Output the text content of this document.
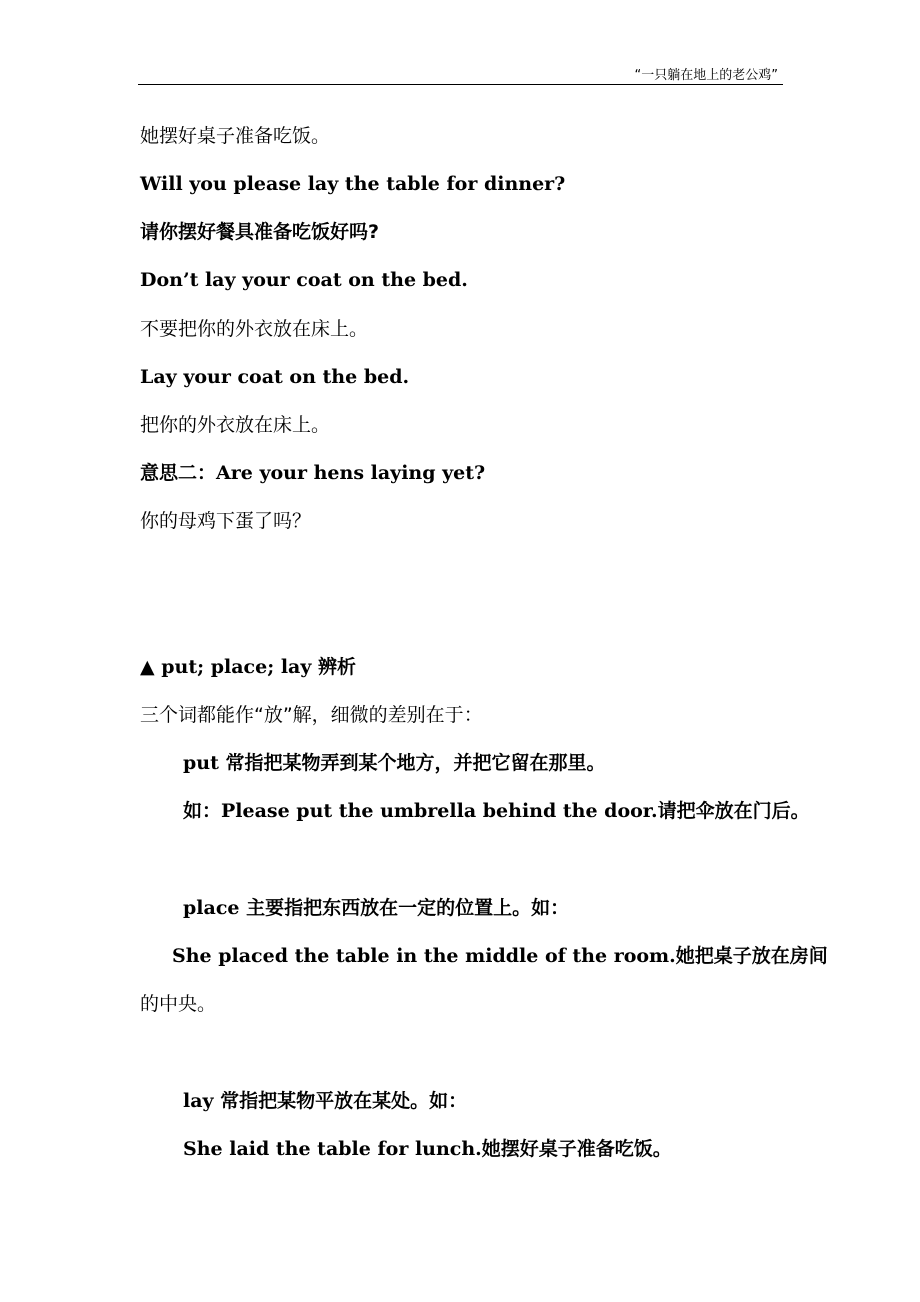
“一只躺在地上的老公鸡”
她摆好桌子准备吃饭。
Will you please lay the table for dinner?
请你摆好餐具准备吃饭好吗?
Don’t lay your coat on the bed.
不要把你的外衣放在床上。
Lay your coat on the bed.
把你的外衣放在床上。
意思二：Are your hens laying yet?
你的母鸡下蛋了吗？
▲ put; place; lay 辨析
三个词都能作“放”解，细微的差别在于：
put 常指把某物弄到某个地方，并把它留在那里。
如：Please put the umbrella behind the door.请把伞放在门后。
place 主要指把东西放在一定的位置上。如：
She placed the table in the middle of the room.她把桌子放在房间
的中央。
lay 常指把某物平放在某处。如：
She laid the table for lunch.她摆好桌子准备吃饭。
